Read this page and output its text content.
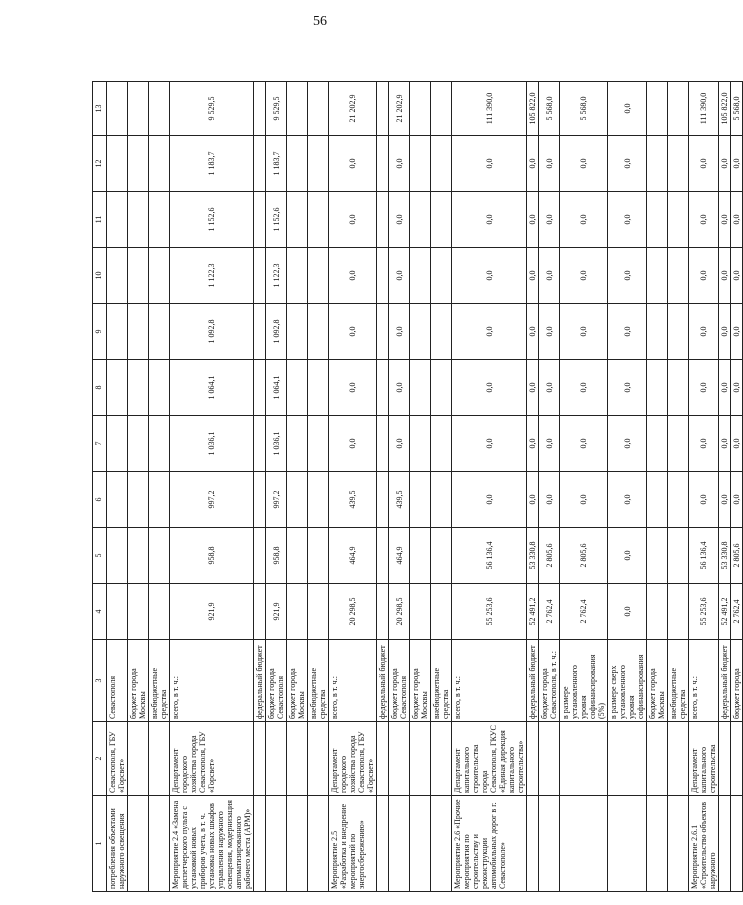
56
1	2	3	4	5	6	7	8	9	10	11	12	13
потребления объектами наружного освещения	Севастополя, ГБУ «Горсвет»	Севастополя										
		бюджет города Москвы										
		внебюджетные средства										
Мероприятие 2.4 «Замена диспетчерского пульта с установкой новых приборов учета, в т. ч. установка новых шкафов управления наружного освещения, модернизация автоматизированного рабочего места (АРМ)»	Департамент городского хозяйства города Севастополя, ГБУ «Горсвет»	всего, в т. ч.:	921,9	958,8	997,2	1 036,1	1 064,1	1 092,8	1 122,3	1 152,6	1 183,7	9 529,5
		федеральный бюджет										
		бюджет города Севастополя	921,9	958,8	997,2	1 036,1	1 064,1	1 092,8	1 122,3	1 152,6	1 183,7	9 529,5
		бюджет города Москвы										
		внебюджетные средства										
Мероприятие 2.5 «Разработка и внедрение мероприятий по энергосбережению»	Департамент городского хозяйства города Севастополя, ГБУ «Горсвет»	всего, в т. ч.:	20 298,5	464,9	439,5	0,0	0,0	0,0	0,0	0,0	0,0	21 202,9
		федеральный бюджет										
		бюджет города Севастополя	20 298,5	464,9	439,5	0,0	0,0	0,0	0,0	0,0	0,0	21 202,9
		бюджет города Москвы										
		внебюджетные средства										
Мероприятие 2.6 «Прочие мероприятия по строительству и реконструкции автомобильных дорог в г. Севастополе»	Департамент капитального строительства города Севастополя, ГКУС «Единая дирекция капитального строительства»	всего, в т. ч.:	55 253,6	56 136,4	0,0	0,0	0,0	0,0	0,0	0,0	0,0	111 390,0
		федеральный бюджет	52 491,2	53 330,8	0,0	0,0	0,0	0,0	0,0	0,0	0,0	105 822,0
		бюджет города Севастополя, в т. ч.:	2 762,4	2 805,6	0,0	0,0	0,0	0,0	0,0	0,0	0,0	5 568,0
		в размере установленного уровня софинансирования (5%)	2 762,4	2 805,6	0,0	0,0	0,0	0,0	0,0	0,0	0,0	5 568,0
		в размере сверх установленного уровня софинансирования	0,0	0,0	0,0	0,0	0,0	0,0	0,0	0,0	0,0	0,0
		бюджет города Москвы										
		внебюджетные средства										
Мероприятие 2.6.1 «Строительство объектов наружного	Департамент капитального строительства	всего, в т. ч.:	55 253,6	56 136,4	0,0	0,0	0,0	0,0	0,0	0,0	0,0	111 390,0
		федеральный бюджет	52 491,2	53 330,8	0,0	0,0	0,0	0,0	0,0	0,0	0,0	105 822,0
		бюджет города	2 762,4	2 805,6	0,0	0,0	0,0	0,0	0,0	0,0	0,0	5 568,0
